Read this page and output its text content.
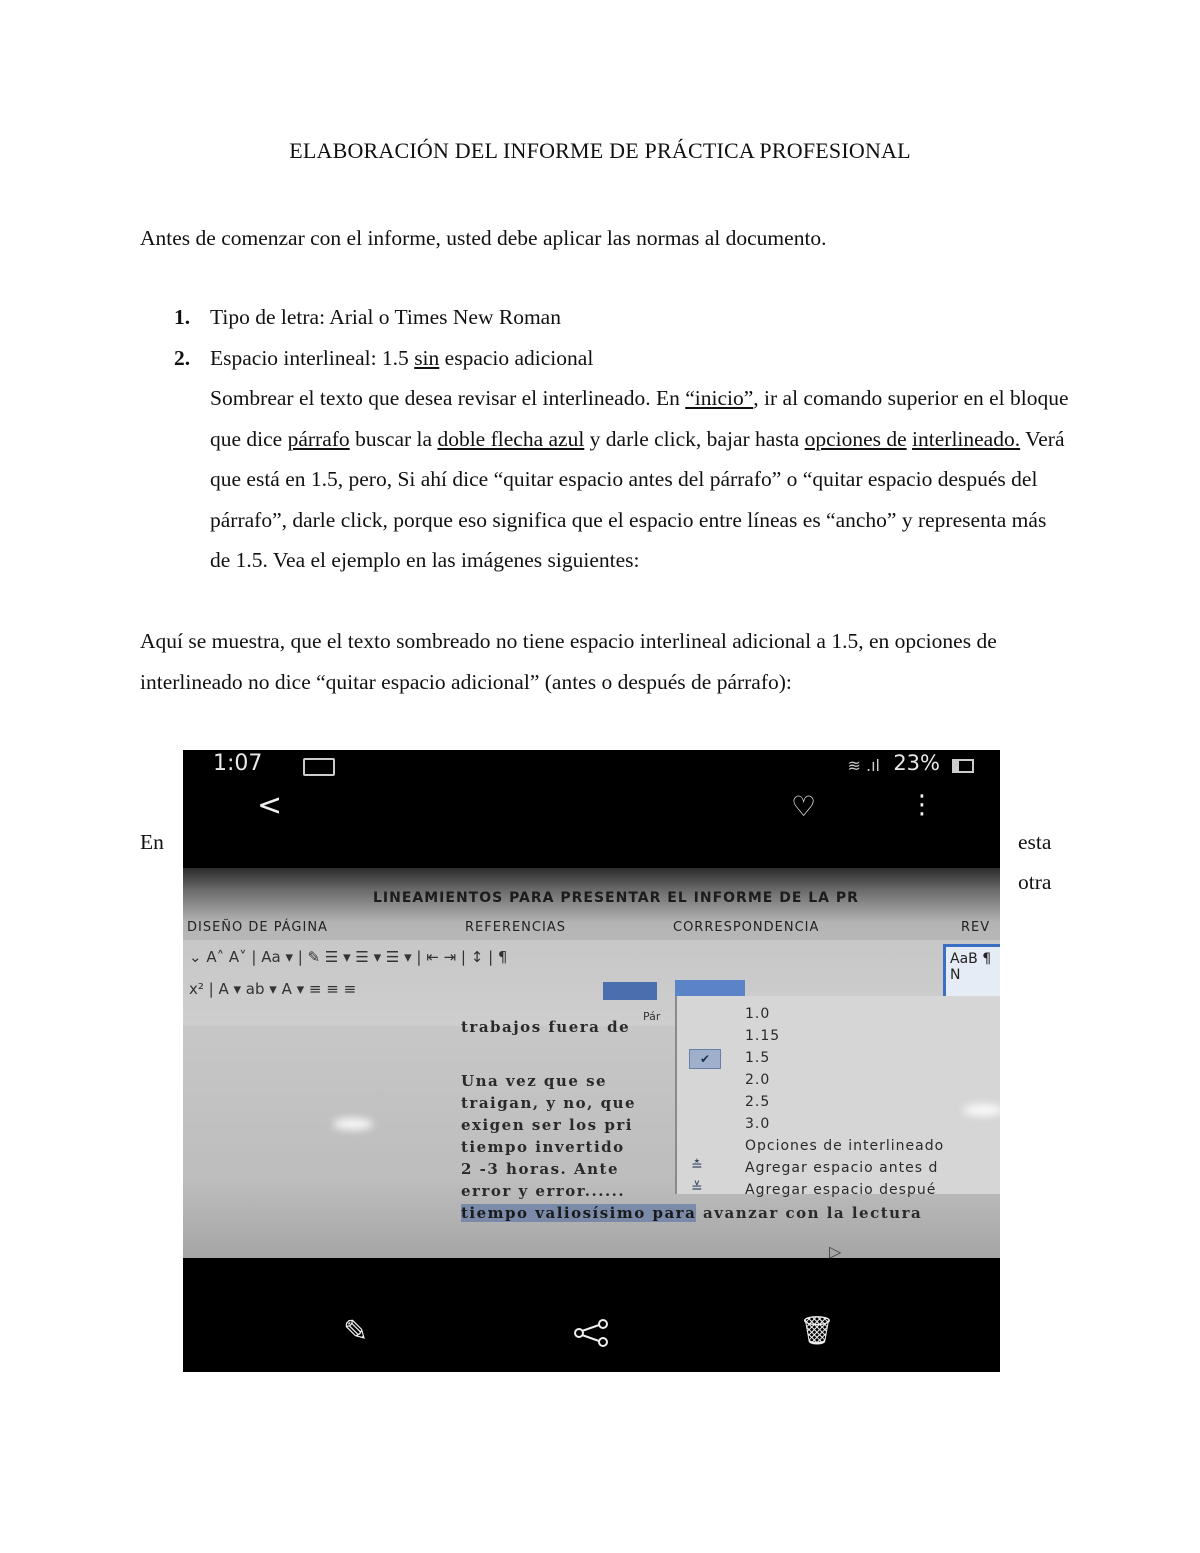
ELABORACIÓN DEL INFORME DE PRÁCTICA PROFESIONAL
Antes de comenzar con el informe, usted debe aplicar las normas al documento.
1. Tipo de letra: Arial o Times New Roman
2. Espacio interlineal: 1.5 sin espacio adicional
Sombrear el texto que desea revisar el interlineado. En “inicio”, ir al comando superior en el bloque que dice párrafo buscar la doble flecha azul y darle click, bajar hasta opciones de interlineado. Verá que está en 1.5, pero, Si ahí dice “quitar espacio antes del párrafo” o “quitar espacio después del párrafo”, darle click, porque eso significa que el espacio entre líneas es “ancho” y representa más de 1.5. Vea el ejemplo en las imágenes siguientes:
Aquí se muestra, que el texto sombreado no tiene espacio interlineal adicional a 1.5, en opciones de interlineado no dice “quitar espacio adicional” (antes o después de párrafo):
En	esta
otra
1:07	≋ .ıl 23%
<	♡	⋮
LINEAMIENTOS PARA PRESENTAR EL INFORME DE LA PR
DISEÑO DE PÁGINA	REFERENCIAS	CORRESPONDENCIA	REV
⌄ A˄ A˅ | Aa ▾ | ✎ ☰ ▾ ☰ ▾ ☰ ▾ | ⇤ ⇥ | ↕ | ¶
x² | A ▾ ab ▾ A ▾ ≡ ≡ ≡
AaB ¶ N
Pár
trabajos fuera de
Una vez que se
traigan, y no, que
exigen ser los pri
tiempo invertido
2 -3 horas. Ante
error y error......
tiempo valiosísimo para avanzar con la lectura
1.0
1.15
✔	1.5
2.0
2.5
3.0
Opciones de interlineado
≛	Agregar espacio antes d
≚	Agregar espacio despué
▷
✎	🗑
